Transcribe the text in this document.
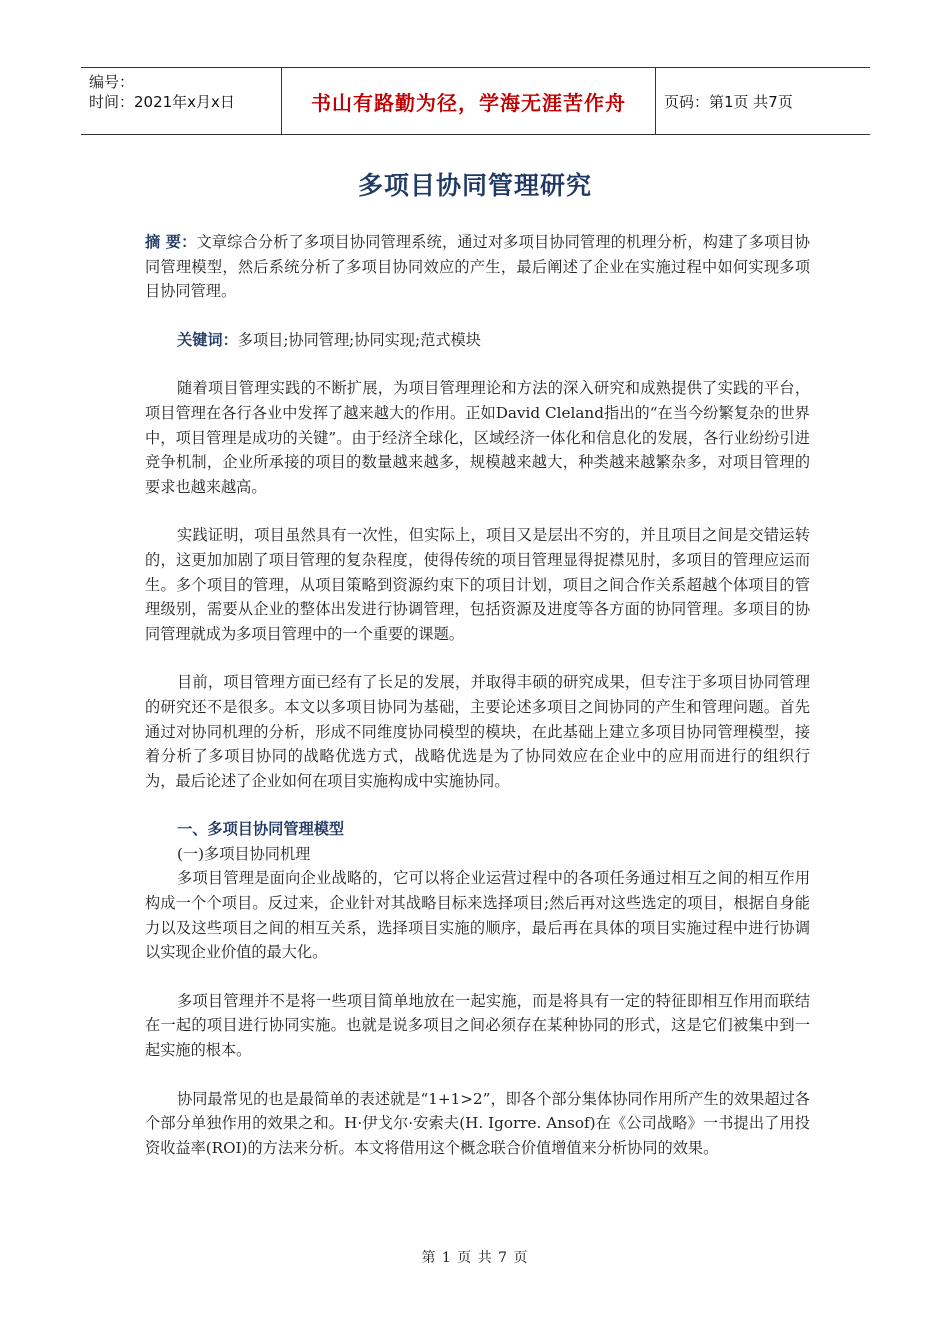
编号：
时间：2021年x月x日	书山有路勤为径，学海无涯苦作舟	页码：第1页 共7页
多项目协同管理研究

摘 要：文章综合分析了多项目协同管理系统，通过对多项目协同管理的机理分析，构建了多项目协同管理模型，然后系统分析了多项目协同效应的产生，最后阐述了企业在实施过程中如何实现多项目协同管理。

关键词：多项目;协同管理;协同实现;范式模块

随着项目管理实践的不断扩展，为项目管理理论和方法的深入研究和成熟提供了实践的平台，项目管理在各行各业中发挥了越来越大的作用。正如David Cleland指出的“在当今纷繁复杂的世界中，项目管理是成功的关键”。由于经济全球化，区域经济一体化和信息化的发展，各行业纷纷引进竞争机制，企业所承接的项目的数量越来越多，规模越来越大，种类越来越繁杂多，对项目管理的要求也越来越高。

实践证明，项目虽然具有一次性，但实际上，项目又是层出不穷的，并且项目之间是交错运转的，这更加加剧了项目管理的复杂程度，使得传统的项目管理显得捉襟见肘，多项目的管理应运而生。多个项目的管理，从项目策略到资源约束下的项目计划，项目之间合作关系超越个体项目的管理级别，需要从企业的整体出发进行协调管理，包括资源及进度等各方面的协同管理。多项目的协同管理就成为多项目管理中的一个重要的课题。

目前，项目管理方面已经有了长足的发展，并取得丰硕的研究成果，但专注于多项目协同管理的研究还不是很多。本文以多项目协同为基础，主要论述多项目之间协同的产生和管理问题。首先通过对协同机理的分析，形成不同维度协同模型的模块，在此基础上建立多项目协同管理模型，接着分析了多项目协同的战略优选方式，战略优选是为了协同效应在企业中的应用而进行的组织行为，最后论述了企业如何在项目实施构成中实施协同。

一、多项目协同管理模型

(一)多项目协同机理

多项目管理是面向企业战略的，它可以将企业运营过程中的各项任务通过相互之间的相互作用构成一个个项目。反过来，企业针对其战略目标来选择项目;然后再对这些选定的项目，根据自身能力以及这些项目之间的相互关系，选择项目实施的顺序，最后再在具体的项目实施过程中进行协调以实现企业价值的最大化。

多项目管理并不是将一些项目简单地放在一起实施，而是将具有一定的特征即相互作用而联结在一起的项目进行协同实施。也就是说多项目之间必须存在某种协同的形式，这是它们被集中到一起实施的根本。

协同最常见的也是最简单的表述就是“1+1>2”，即各个部分集体协同作用所产生的效果超过各个部分单独作用的效果之和。H·伊戈尔·安索夫(H. Igorre. Ansof)在《公司战略》一书提出了用投资收益率(ROI)的方法来分析。本文将借用这个概念联合价值增值来分析协同的效果。

第 1 页 共 7 页
